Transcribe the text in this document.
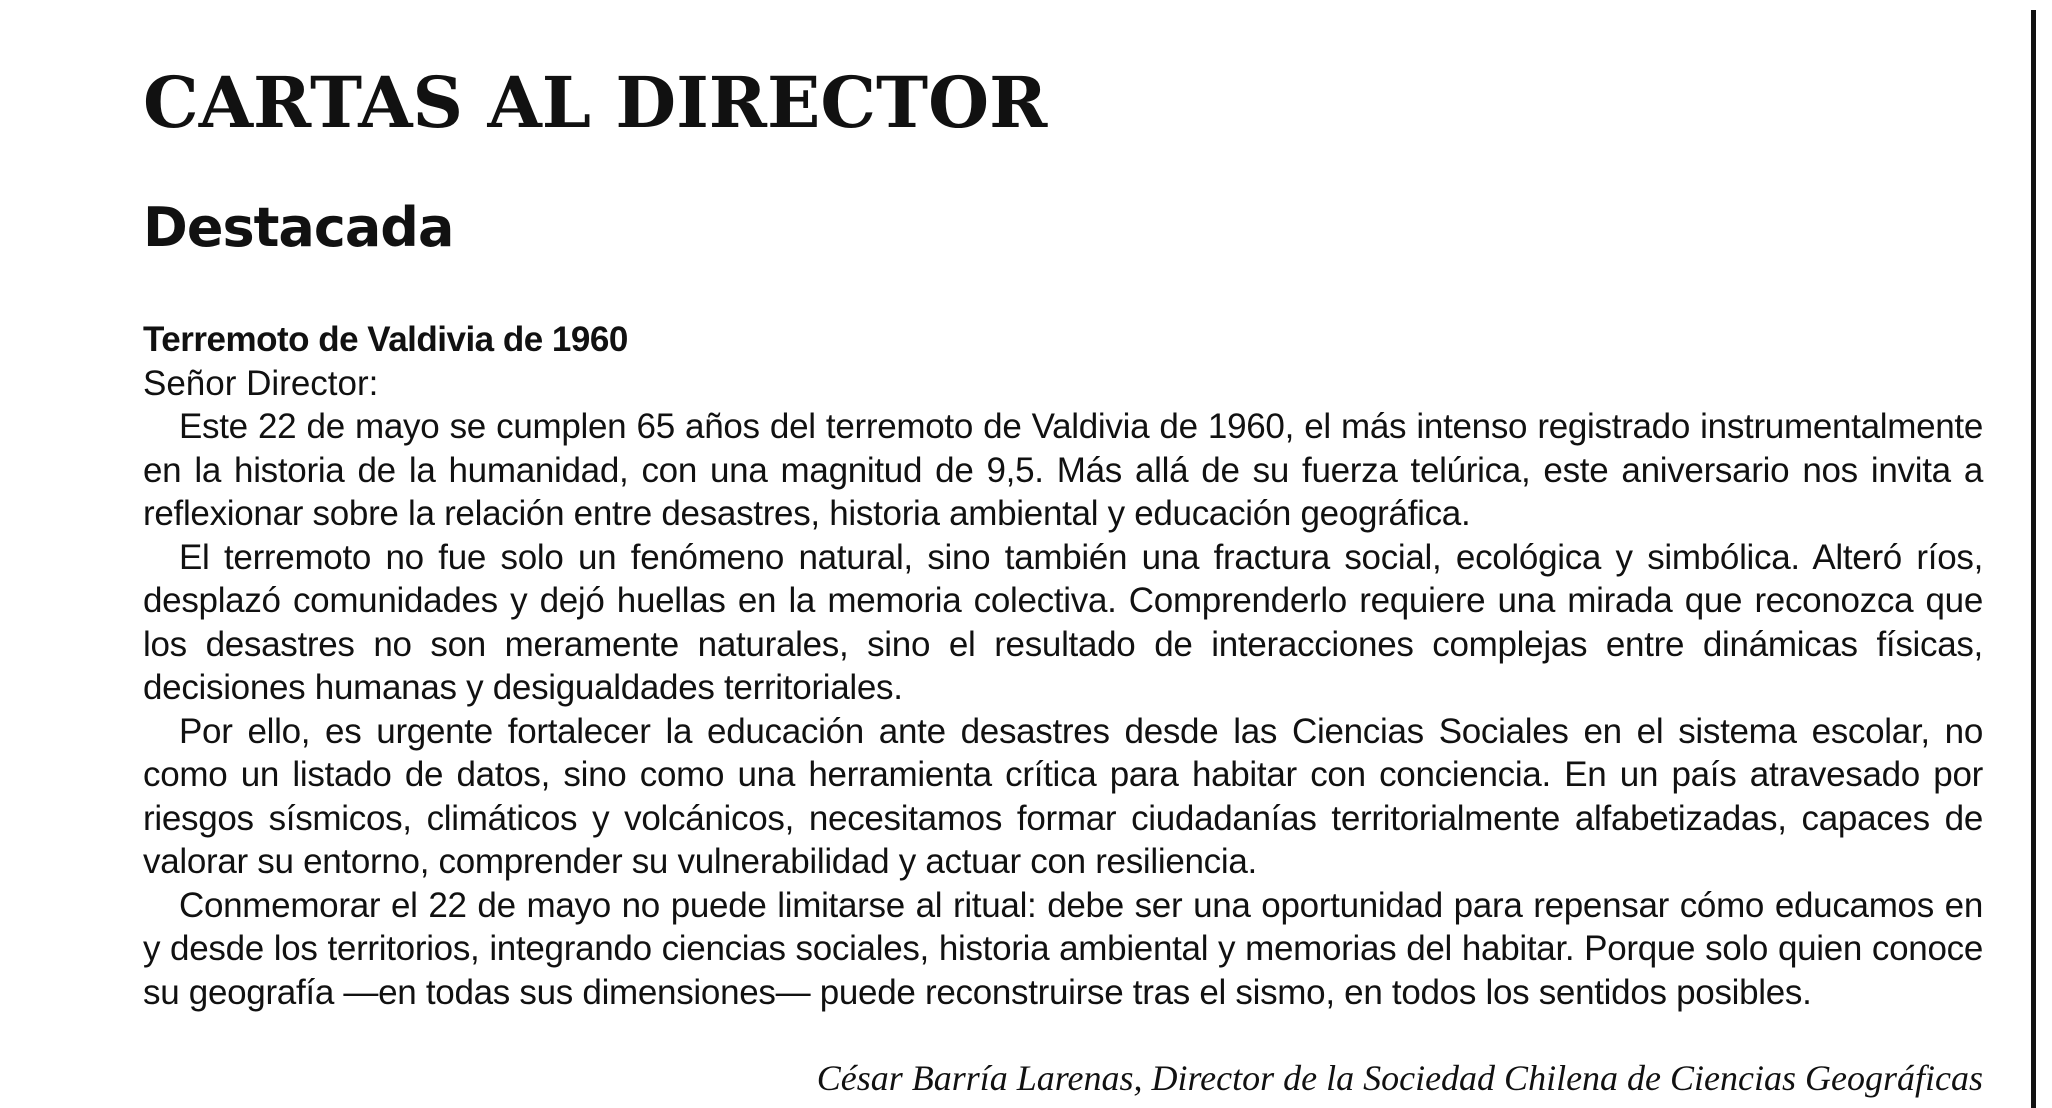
CARTAS AL DIRECTOR
Destacada
Terremoto de Valdivia de 1960

Señor Director:

Este 22 de mayo se cumplen 65 años del terremoto de Valdivia de 1960, el más intenso registrado instrumentalmente en la historia de la humanidad, con una magnitud de 9,5. Más allá de su fuerza telúrica, este aniversario nos invita a reflexionar sobre la relación entre desastres, historia ambiental y educación geográfica.

El terremoto no fue solo un fenómeno natural, sino también una fractura social, ecológica y simbólica. Alteró ríos, desplazó comunidades y dejó huellas en la memoria colectiva. Comprenderlo requiere una mirada que reconozca que los desastres no son meramente naturales, sino el resultado de interacciones complejas entre dinámicas físicas, decisiones humanas y desigualdades territoriales.

Por ello, es urgente fortalecer la educación ante desastres desde las Ciencias Sociales en el sistema escolar, no como un listado de datos, sino como una herramienta crítica para habitar con conciencia. En un país atravesado por riesgos sísmicos, climáticos y volcánicos, necesitamos formar ciudadanías territorialmente alfabetizadas, capaces de valorar su entorno, comprender su vulnerabilidad y actuar con resiliencia.

Conmemorar el 22 de mayo no puede limitarse al ritual: debe ser una oportunidad para repensar cómo educamos en y desde los territorios, integrando ciencias sociales, historia ambiental y memorias del habitar. Porque solo quien conoce su geografía —en todas sus dimensiones— puede reconstruirse tras el sismo, en todos los sentidos posibles.

César Barría Larenas, Director de la Sociedad Chilena de Ciencias Geográficas
